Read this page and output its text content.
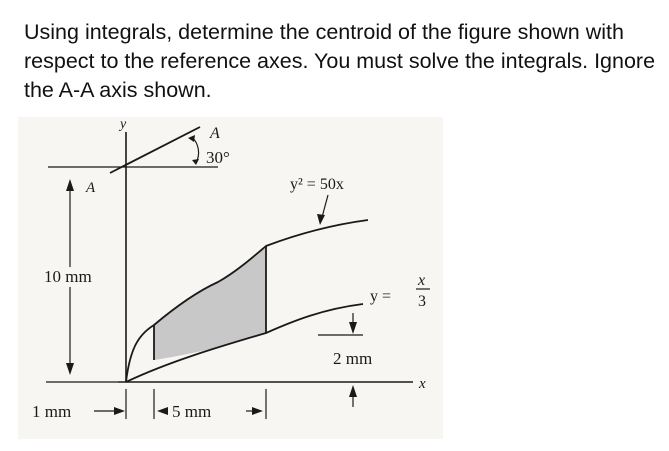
Using integrals, determine the centroid of the figure shown with respect to the reference axes. You must solve the integrals. Ignore the A-A axis shown.

y
x
A
A
30°
y² = 50x
y =
x
3
10 mm
2 mm
1 mm	5 mm
